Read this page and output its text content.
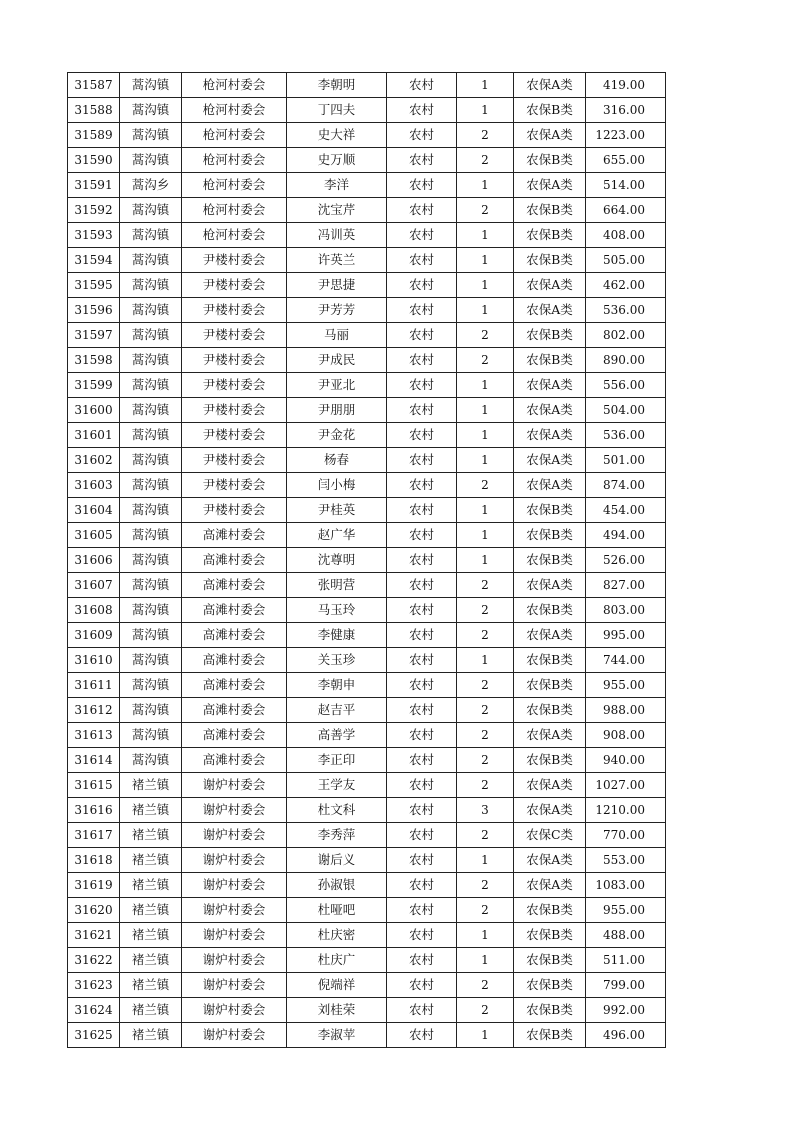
31587	蒿沟镇	枪河村委会	李朝明	农村	1	农保A类	419.00
31588	蒿沟镇	枪河村委会	丁四夫	农村	1	农保B类	316.00
31589	蒿沟镇	枪河村委会	史大祥	农村	2	农保A类	1223.00
31590	蒿沟镇	枪河村委会	史万顺	农村	2	农保B类	655.00
31591	蒿沟乡	枪河村委会	李洋	农村	1	农保A类	514.00
31592	蒿沟镇	枪河村委会	沈宝芹	农村	2	农保B类	664.00
31593	蒿沟镇	枪河村委会	冯训英	农村	1	农保B类	408.00
31594	蒿沟镇	尹楼村委会	许英兰	农村	1	农保B类	505.00
31595	蒿沟镇	尹楼村委会	尹思捷	农村	1	农保A类	462.00
31596	蒿沟镇	尹楼村委会	尹芳芳	农村	1	农保A类	536.00
31597	蒿沟镇	尹楼村委会	马丽	农村	2	农保B类	802.00
31598	蒿沟镇	尹楼村委会	尹成民	农村	2	农保B类	890.00
31599	蒿沟镇	尹楼村委会	尹亚北	农村	1	农保A类	556.00
31600	蒿沟镇	尹楼村委会	尹朋朋	农村	1	农保A类	504.00
31601	蒿沟镇	尹楼村委会	尹金花	农村	1	农保A类	536.00
31602	蒿沟镇	尹楼村委会	杨春	农村	1	农保A类	501.00
31603	蒿沟镇	尹楼村委会	闫小梅	农村	2	农保A类	874.00
31604	蒿沟镇	尹楼村委会	尹桂英	农村	1	农保B类	454.00
31605	蒿沟镇	高滩村委会	赵广华	农村	1	农保B类	494.00
31606	蒿沟镇	高滩村委会	沈尊明	农村	1	农保B类	526.00
31607	蒿沟镇	高滩村委会	张明营	农村	2	农保A类	827.00
31608	蒿沟镇	高滩村委会	马玉玲	农村	2	农保B类	803.00
31609	蒿沟镇	高滩村委会	李健康	农村	2	农保A类	995.00
31610	蒿沟镇	高滩村委会	关玉珍	农村	1	农保B类	744.00
31611	蒿沟镇	高滩村委会	李朝申	农村	2	农保B类	955.00
31612	蒿沟镇	高滩村委会	赵吉平	农村	2	农保B类	988.00
31613	蒿沟镇	高滩村委会	高善学	农村	2	农保A类	908.00
31614	蒿沟镇	高滩村委会	李正印	农村	2	农保B类	940.00
31615	褚兰镇	谢炉村委会	王学友	农村	2	农保A类	1027.00
31616	褚兰镇	谢炉村委会	杜文科	农村	3	农保A类	1210.00
31617	褚兰镇	谢炉村委会	李秀萍	农村	2	农保C类	770.00
31618	褚兰镇	谢炉村委会	谢后义	农村	1	农保A类	553.00
31619	褚兰镇	谢炉村委会	孙淑银	农村	2	农保A类	1083.00
31620	褚兰镇	谢炉村委会	杜哑吧	农村	2	农保B类	955.00
31621	褚兰镇	谢炉村委会	杜庆密	农村	1	农保B类	488.00
31622	褚兰镇	谢炉村委会	杜庆广	农村	1	农保B类	511.00
31623	褚兰镇	谢炉村委会	倪端祥	农村	2	农保B类	799.00
31624	褚兰镇	谢炉村委会	刘桂荣	农村	2	农保B类	992.00
31625	褚兰镇	谢炉村委会	李淑苹	农村	1	农保B类	496.00
